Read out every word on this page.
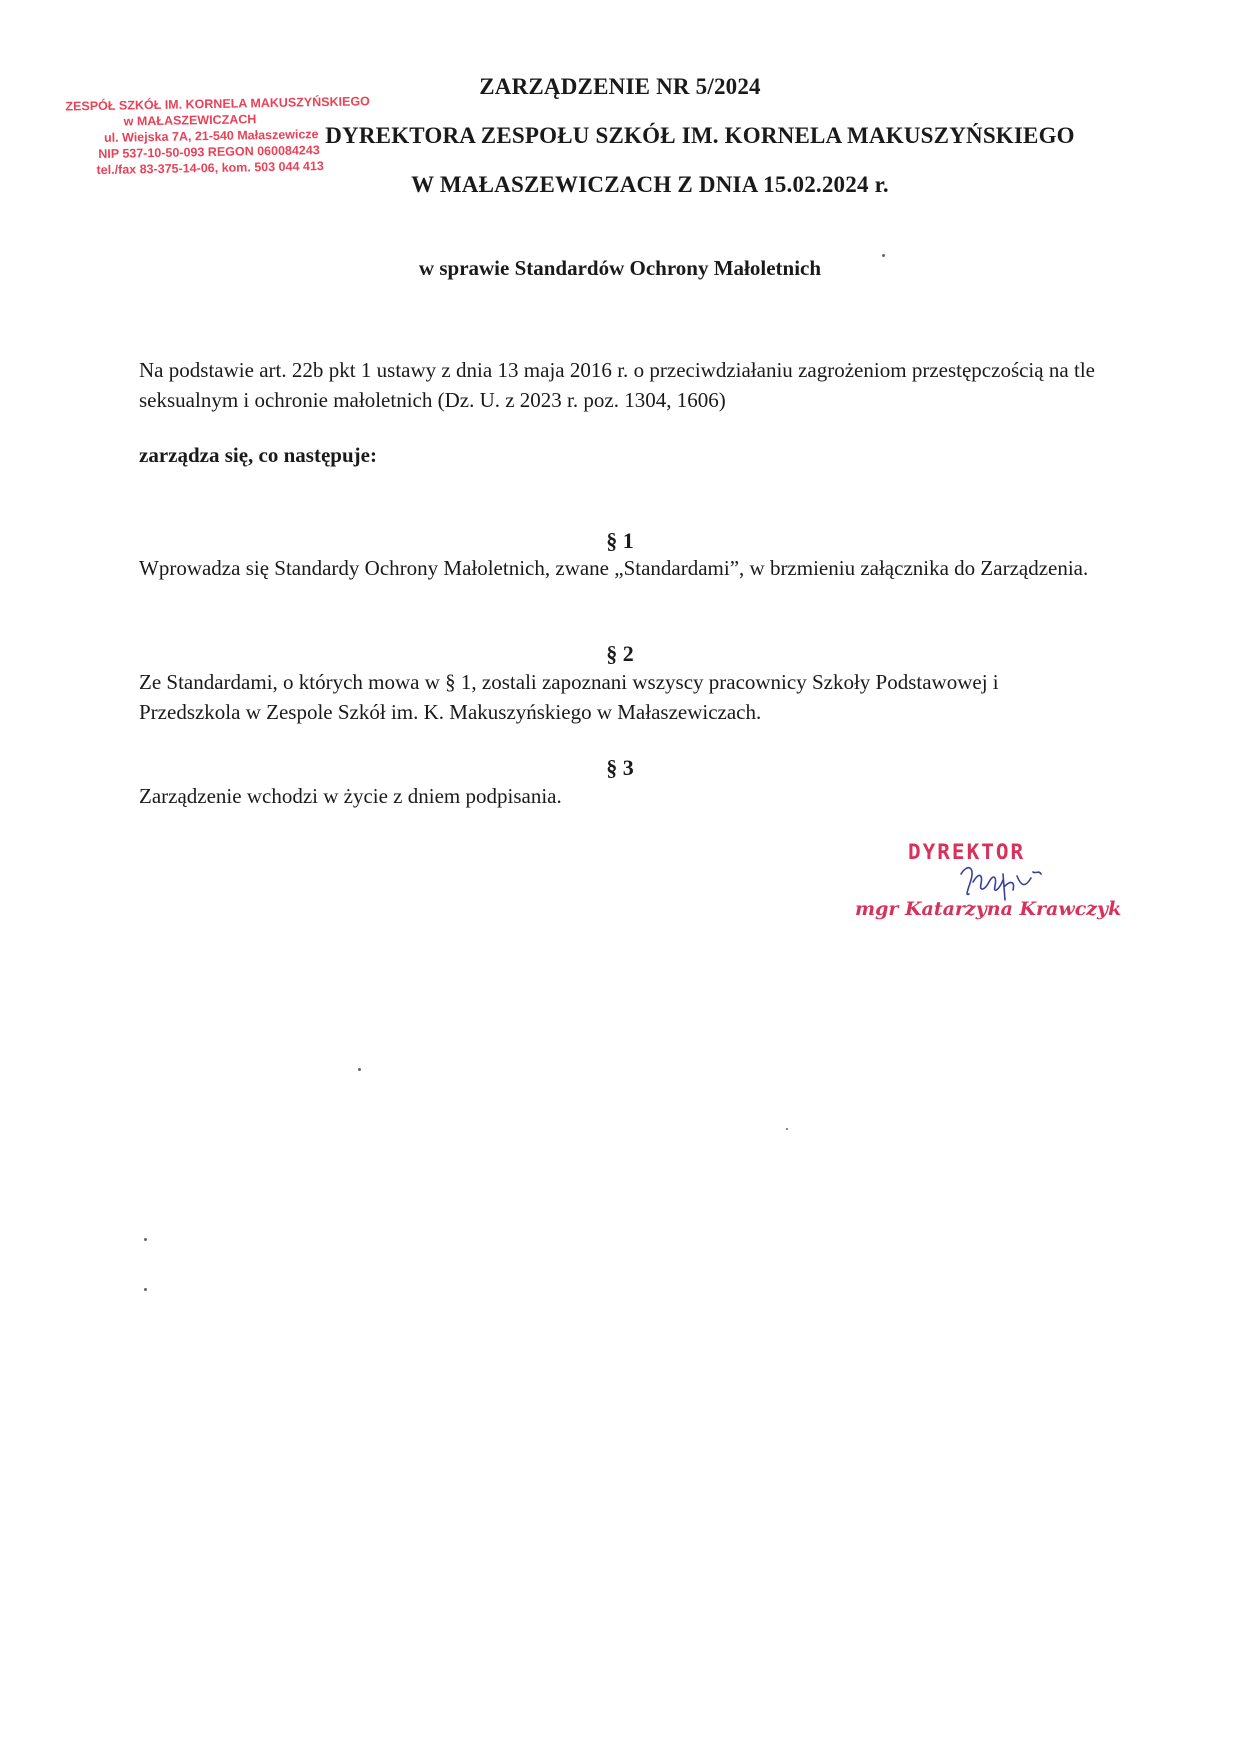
ZARZĄDZENIE NR 5/2024
DYREKTORA ZESPOŁU SZKÓŁ IM. KORNELA MAKUSZYŃSKIEGO
W MAŁASZEWICZACH Z DNIA 15.02.2024 r.
ZESPÓŁ SZKÓŁ IM. KORNELA MAKUSZYŃSKIEGO
w MAŁASZEWICZACH
ul. Wiejska 7A, 21-540 Małaszewicze
NIP 537-10-50-093 REGON 060084243
tel./fax 83-375-14-06, kom. 503 044 413
w sprawie Standardów Ochrony Małoletnich
Na podstawie art. 22b pkt 1 ustawy z dnia 13 maja 2016 r. o przeciwdziałaniu zagrożeniom przestępczością na tle seksualnym i ochronie małoletnich (Dz. U. z 2023 r. poz. 1304, 1606)
zarządza się, co następuje:
§ 1
Wprowadza się Standardy Ochrony Małoletnich, zwane „Standardami”, w brzmieniu załącznika do Zarządzenia.
§ 2
Ze Standardami, o których mowa w § 1, zostali zapoznani wszyscy pracownicy Szkoły Podstawowej i Przedszkola w Zespole Szkół im. K. Makuszyńskiego w Małaszewiczach.
§ 3
Zarządzenie wchodzi w życie z dniem podpisania.
DYREKTOR
mgr Katarzyna Krawczyk
